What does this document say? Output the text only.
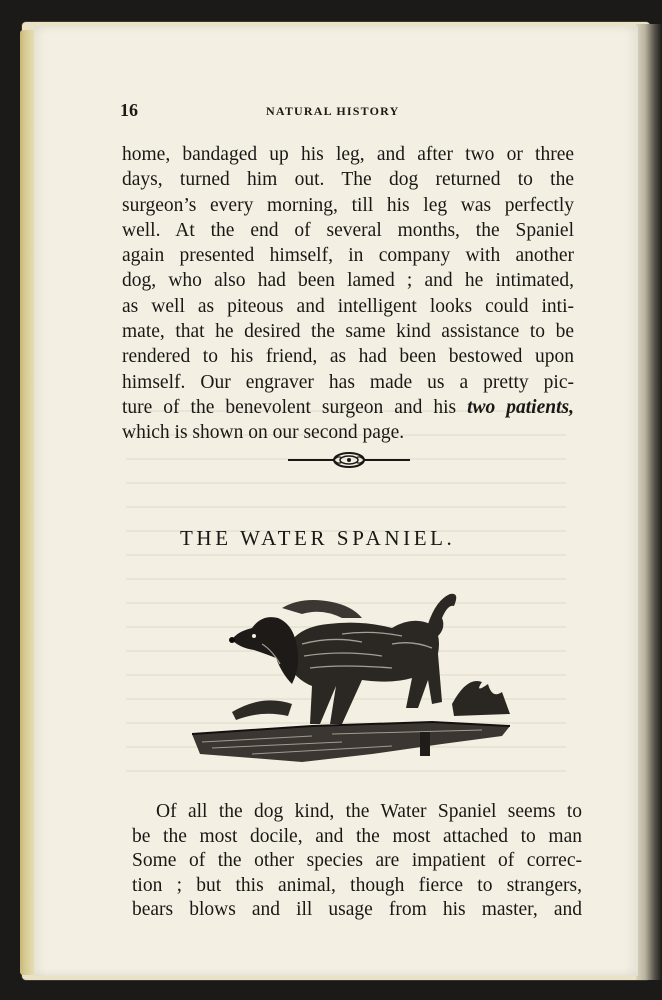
16	NATURAL HISTORY
home, bandaged up his leg, and after two or three
days, turned him out. The dog returned to the
surgeon’s every morning, till his leg was perfectly
well. At the end of several months, the Spaniel
again presented himself, in company with another
dog, who also had been lamed ; and he intimated,
as well as piteous and intelligent looks could inti-
mate, that he desired the same kind assistance to be
rendered to his friend, as had been bestowed upon
himself. Our engraver has made us a pretty pic-
ture of the benevolent surgeon and his two patients,
which is shown on our second page.
THE WATER SPANIEL.
Of all the dog kind, the Water Spaniel seems to
be the most docile, and the most attached to man
Some of the other species are impatient of correc-
tion ; but this animal, though fierce to strangers,
bears blows and ill usage from his master, and
